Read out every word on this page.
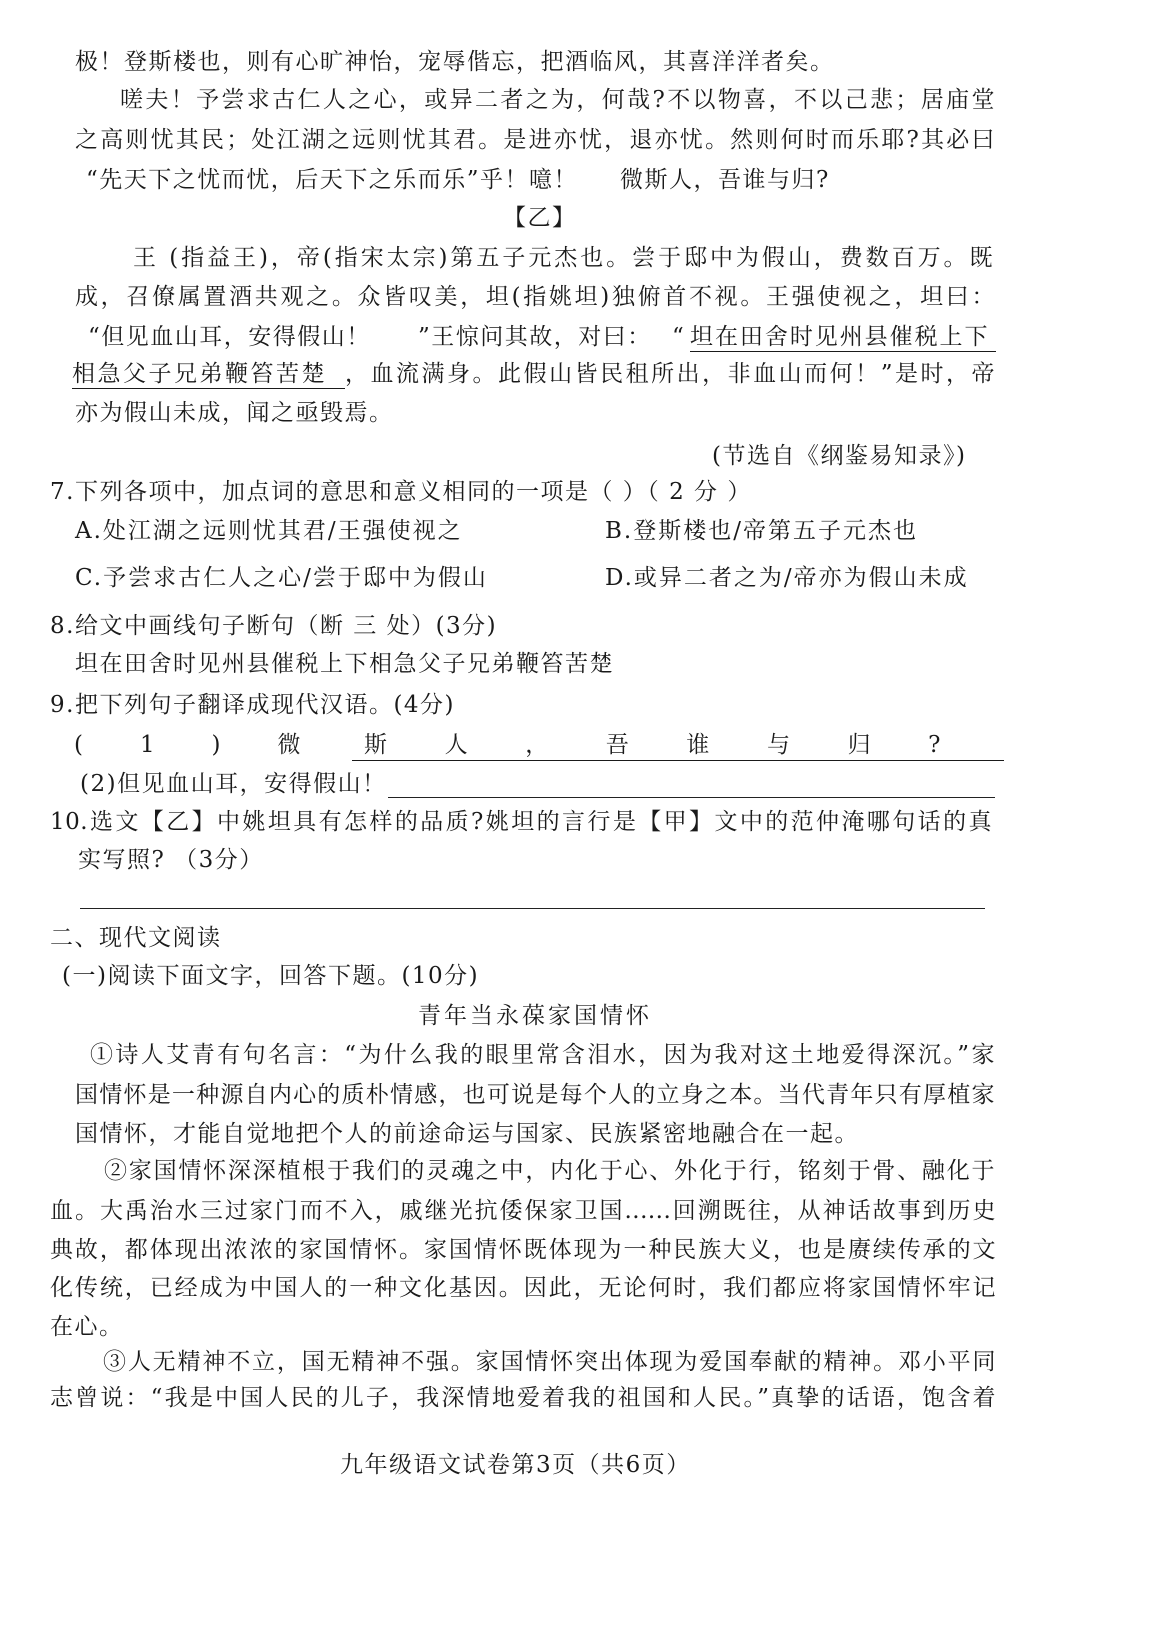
极！登斯楼也，则有心旷神怡，宠辱偕忘，把酒临风，其喜洋洋者矣。
嗟夫！予尝求古仁人之心，或异二者之为，何哉?不以物喜，不以己悲；居庙堂
之高则忧其民；处江湖之远则忧其君。是进亦忧，退亦忧。然则何时而乐耶?其必曰
“先天下之忧而忧，后天下之乐而乐”乎！噫！ 微斯人，吾谁与归?
【乙】
王 (指益王)，帝(指宋太宗)第五子元杰也。尝于邸中为假山，费数百万。既
成，召僚属置酒共观之。众皆叹美，坦(指姚坦)独俯首不视。王强使视之，坦曰：
“但见血山耳，安得假山！ ”王惊问其故，对曰： “ 坦在田舍时见州县催税上下
相急父子兄弟鞭笞苦楚 ，血流满身。此假山皆民租所出，非血山而何！”是时，帝
亦为假山未成，闻之亟毁焉。
(节选自《纲鉴易知录》)
7.下列各项中，加点词的意思和意义相同的一项是（ ）（ 2 分 ）
A.处江湖之远则忧其君/王强使视之	B.登斯楼也/帝第五子元杰也
C.予尝求古仁人之心/尝于邸中为假山	D.或异二者之为/帝亦为假山未成
8.给文中画线句子断句（断 三 处）(3分)
坦在田舍时见州县催税上下相急父子兄弟鞭笞苦楚
9.把下列句子翻译成现代汉语。(4分)
( 1 ) 微	斯 人 ， 吾 谁 与 归 ?
(2)但见血山耳，安得假山！
10.选文【乙】中姚坦具有怎样的品质?姚坦的言行是【甲】文中的范仲淹哪句话的真
实写照? （3分）
二、现代文阅读
(一)阅读下面文字，回答下题。(10分)
青年当永葆家国情怀
①诗人艾青有句名言：“为什么我的眼里常含泪水，因为我对这土地爱得深沉。”家
国情怀是一种源自内心的质朴情感，也可说是每个人的立身之本。当代青年只有厚植家
国情怀，才能自觉地把个人的前途命运与国家、民族紧密地融合在一起。
②家国情怀深深植根于我们的灵魂之中，内化于心、外化于行，铭刻于骨、融化于
血。大禹治水三过家门而不入，戚继光抗倭保家卫国......回溯既往，从神话故事到历史
典故，都体现出浓浓的家国情怀。家国情怀既体现为一种民族大义，也是赓续传承的文
化传统，已经成为中国人的一种文化基因。因此，无论何时，我们都应将家国情怀牢记
在心。
③人无精神不立，国无精神不强。家国情怀突出体现为爱国奉献的精神。邓小平同
志曾说：“我是中国人民的儿子，我深情地爱着我的祖国和人民。”真挚的话语，饱含着
九年级语文试卷第3页（共6页）
